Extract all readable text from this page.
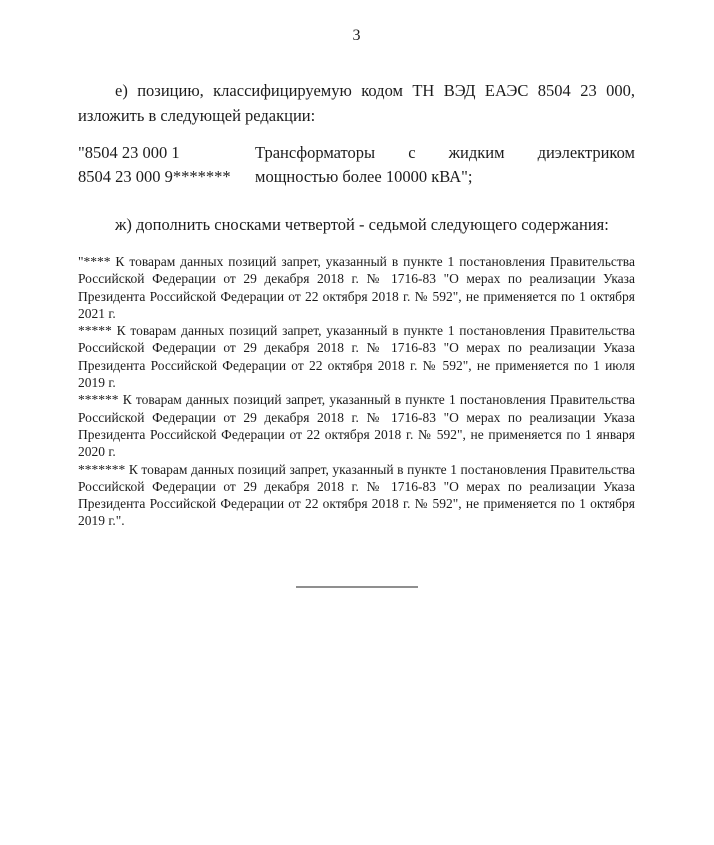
3

е) позицию, классифицируемую кодом ТН ВЭД ЕАЭС 8504 23 000, изложить в следующей редакции:

"8504 23 000 1
8504 23 000 9*******
Трансформаторы с жидким диэлектриком мощностью более 10000 кВА";

ж) дополнить сносками четвертой - седьмой следующего содержания:

"**** К товарам данных позиций запрет, указанный в пункте 1 постановления Правительства Российской Федерации от 29 декабря 2018 г. № 1716-83 "О мерах по реализации Указа Президента Российской Федерации от 22 октября 2018 г. № 592", не применяется по 1 октября 2021 г.

***** К товарам данных позиций запрет, указанный в пункте 1 постановления Правительства Российской Федерации от 29 декабря 2018 г. № 1716-83 "О мерах по реализации Указа Президента Российской Федерации от 22 октября 2018 г. № 592", не применяется по 1 июля 2019 г.

****** К товарам данных позиций запрет, указанный в пункте 1 постановления Правительства Российской Федерации от 29 декабря 2018 г. № 1716-83 "О мерах по реализации Указа Президента Российской Федерации от 22 октября 2018 г. № 592", не применяется по 1 января 2020 г.

******* К товарам данных позиций запрет, указанный в пункте 1 постановления Правительства Российской Федерации от 29 декабря 2018 г. № 1716-83 "О мерах по реализации Указа Президента Российской Федерации от 22 октября 2018 г. № 592", не применяется по 1 октября 2019 г.".
